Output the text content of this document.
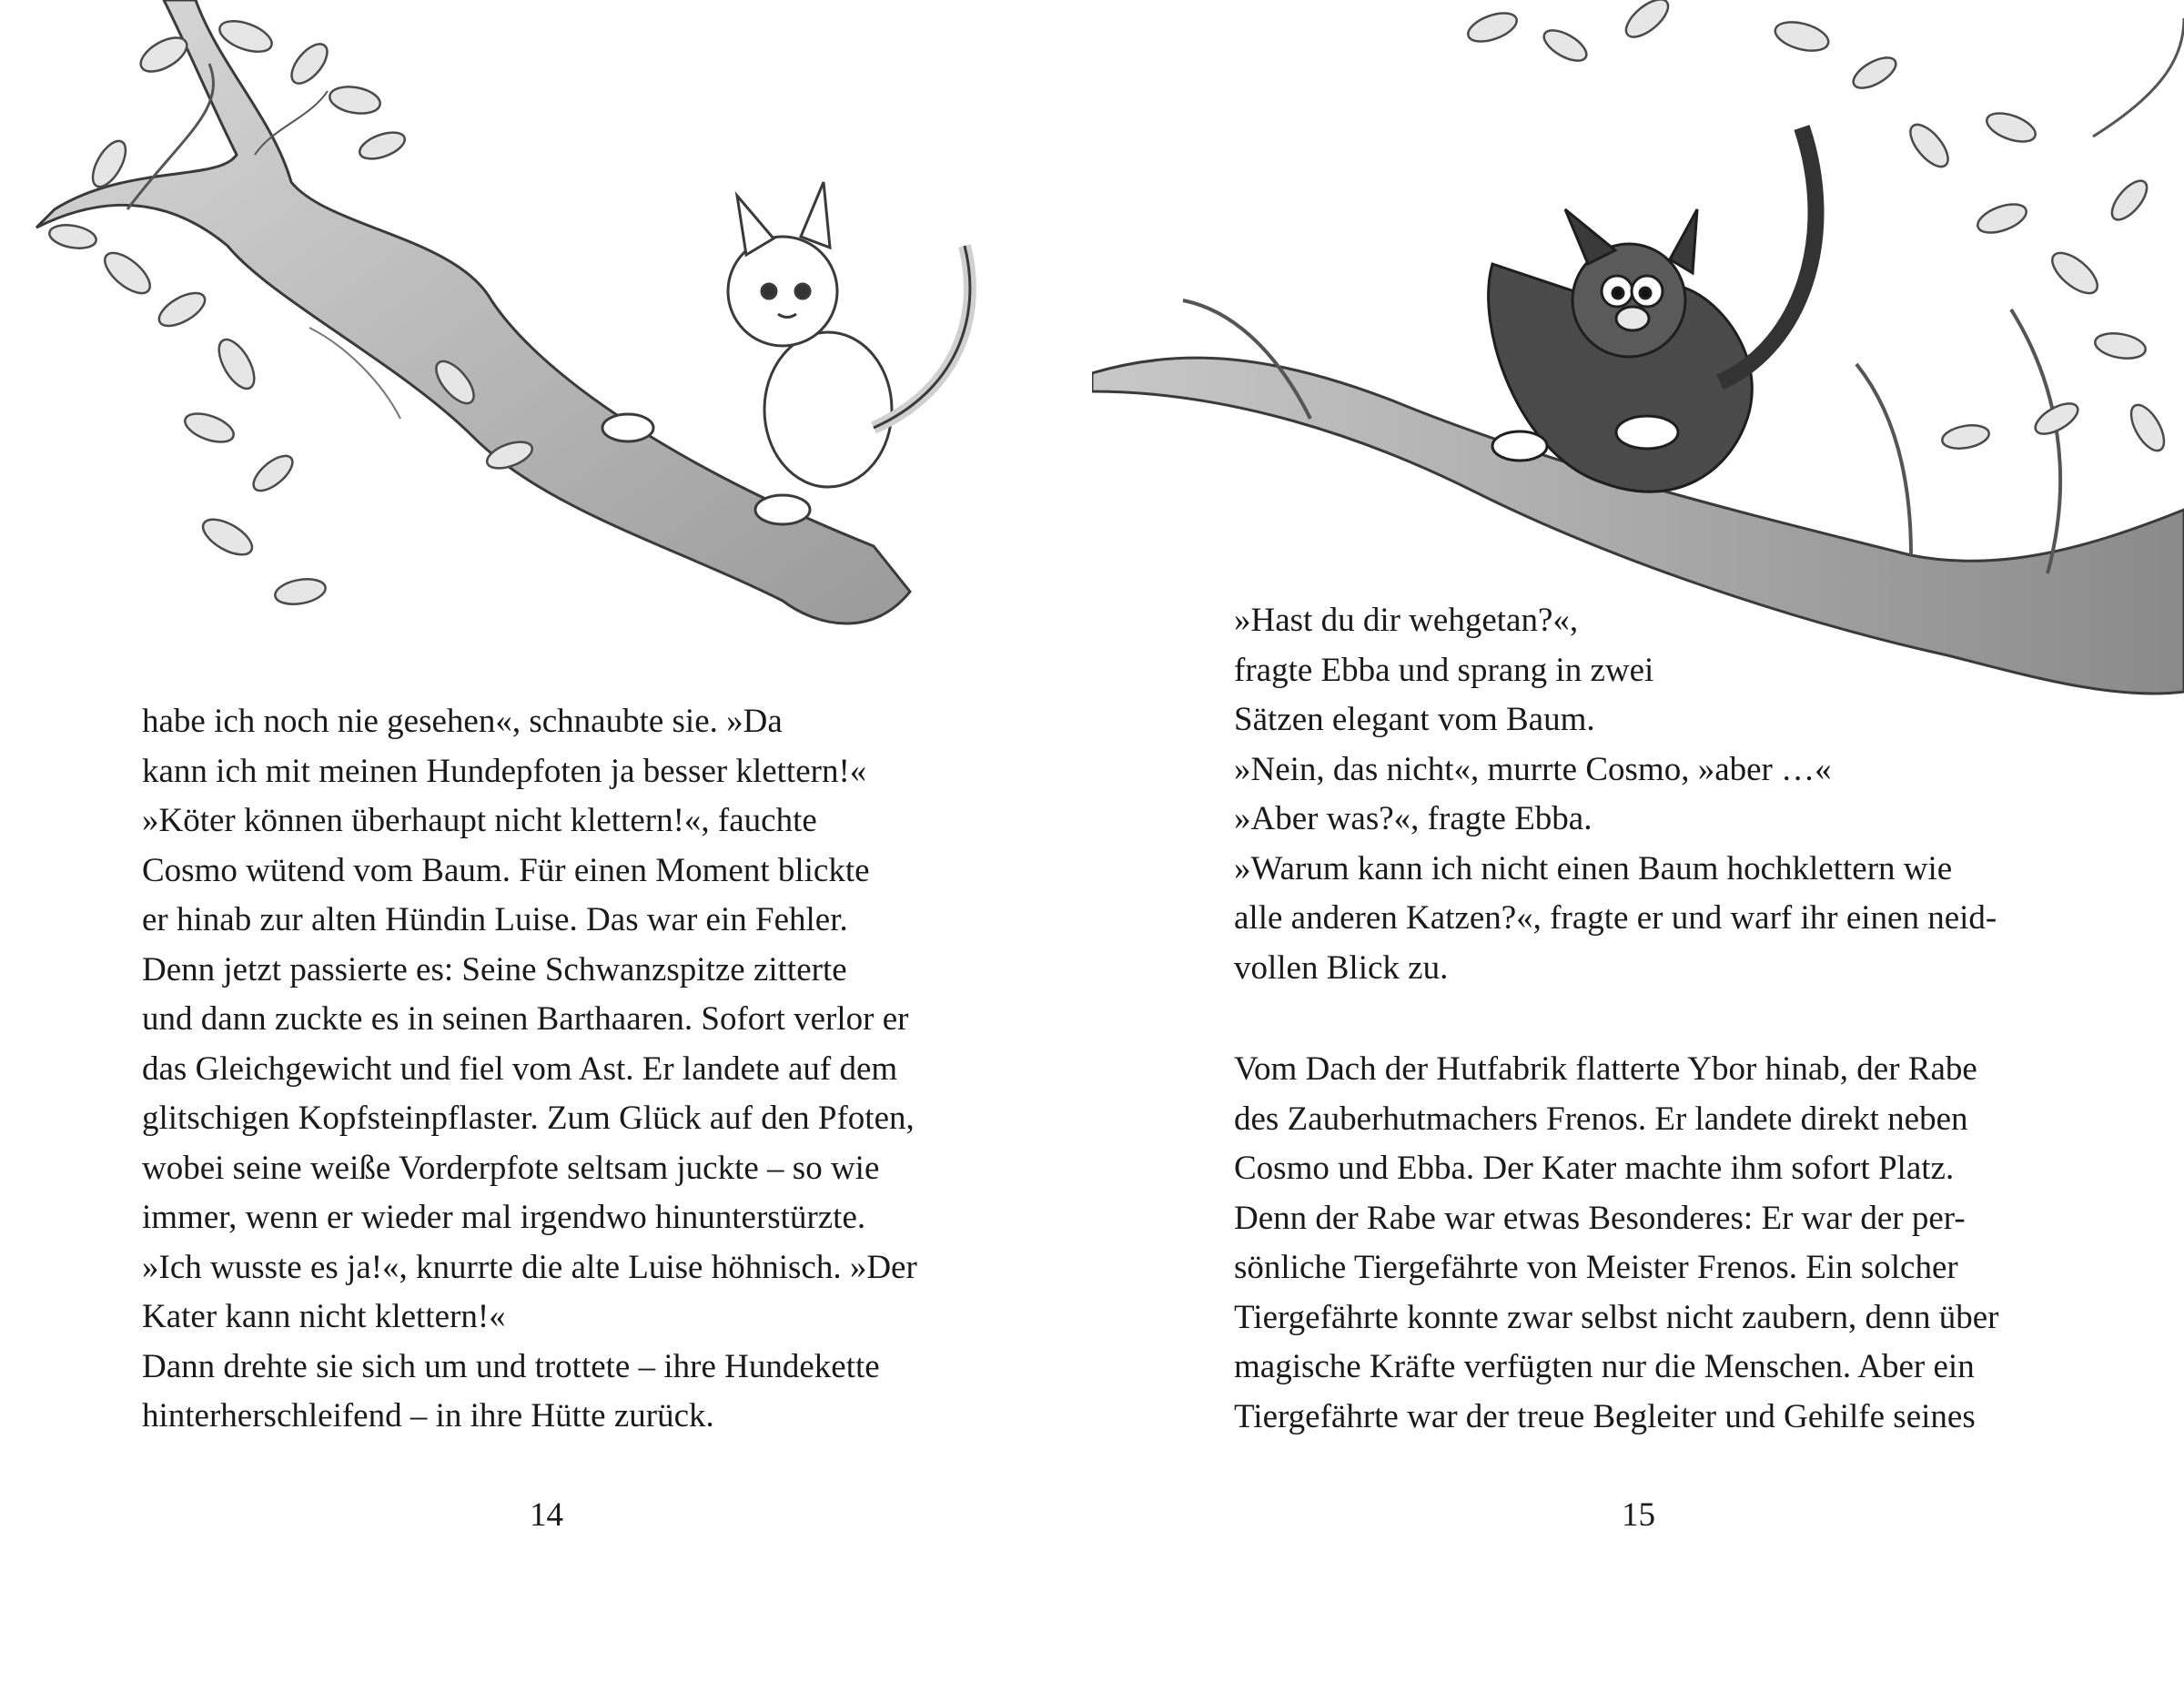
habe ich noch nie gesehen«, schnaubte sie. »Da
kann ich mit meinen Hundepfoten ja besser klettern!«
»Köter können überhaupt nicht klettern!«, fauchte
Cosmo wütend vom Baum. Für einen Moment blickte
er hinab zur alten Hündin Luise. Das war ein Fehler.
Denn jetzt passierte es: Seine Schwanzspitze zitterte
und dann zuckte es in seinen Barthaaren. Sofort verlor er
das Gleichgewicht und fiel vom Ast. Er landete auf dem
glitschigen Kopfsteinpflaster. Zum Glück auf den Pfoten,
wobei seine weiße Vorderpfote seltsam juckte – so wie
immer, wenn er wieder mal irgendwo hinunterstürzte.
»Ich wusste es ja!«, knurrte die alte Luise höhnisch. »Der
Kater kann nicht klettern!«
Dann drehte sie sich um und trottete – ihre Hundekette
hinterherschleifend – in ihre Hütte zurück.
14
»Hast du dir wehgetan?«,
fragte Ebba und sprang in zwei
Sätzen elegant vom Baum.
»Nein, das nicht«, murrte Cosmo, »aber …«
»Aber was?«, fragte Ebba.
»Warum kann ich nicht einen Baum hochklettern wie
alle anderen Katzen?«, fragte er und warf ihr einen neid-
vollen Blick zu.
Vom Dach der Hutfabrik flatterte Ybor hinab, der Rabe
des Zauberhutmachers Frenos. Er landete direkt neben
Cosmo und Ebba. Der Kater machte ihm sofort Platz.
Denn der Rabe war etwas Besonderes: Er war der per-
sönliche Tiergefährte von Meister Frenos. Ein solcher
Tiergefährte konnte zwar selbst nicht zaubern, denn über
magische Kräfte verfügten nur die Menschen. Aber ein
Tiergefährte war der treue Begleiter und Gehilfe seines
15
